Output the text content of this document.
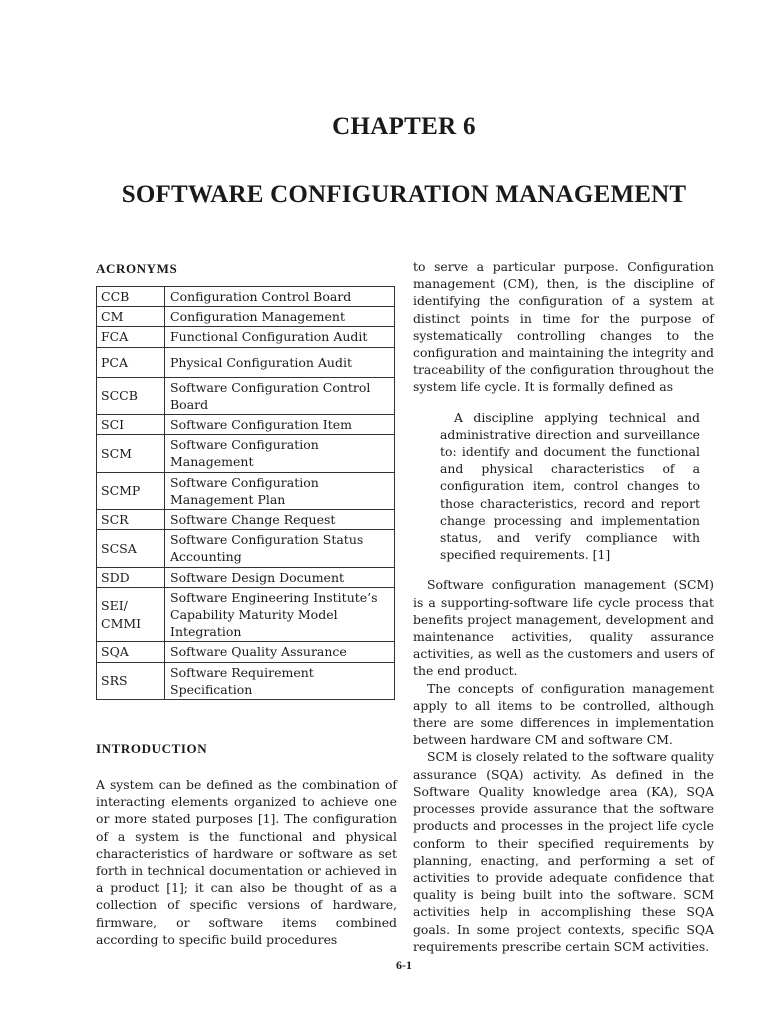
CHAPTER 6
SOFTWARE CONFIGURATION MANAGEMENT
ACRONYMS
CCB	Configuration Control Board
CM	Configuration Management
FCA	Functional Configuration Audit
PCA	Physical Configuration Audit
SCCB	Software Configuration Control Board
SCI	Software Configuration Item
SCM	Software Configuration Management
SCMP	Software Configuration Management Plan
SCR	Software Change Request
SCSA	Software Configuration Status Accounting
SDD	Software Design Document
SEI/ CMMI	Software Engineering Institute’s Capability Maturity Model Integration
SQA	Software Quality Assurance
SRS	Software Requirement Specification
INTRODUCTION

A system can be defined as the combination of interacting elements organized to achieve one or more stated purposes [1]. The configuration of a system is the functional and physical characteristics of hardware or software as set forth in technical documentation or achieved in a product [1]; it can also be thought of as a collection of specific versions of hardware, firmware, or software items combined according to specific build procedures

to serve a particular purpose. Configuration management (CM), then, is the discipline of identifying the configuration of a system at distinct points in time for the purpose of systematically controlling changes to the configuration and maintaining the integrity and traceability of the configuration throughout the system life cycle. It is formally defined as

A discipline applying technical and administrative direction and surveillance to: identify and document the functional and physical characteristics of a configuration item, control changes to those characteristics, record and report change processing and implementation status, and verify compliance with specified requirements. [1]

Software configuration management (SCM) is a supporting-software life cycle process that benefits project management, development and maintenance activities, quality assurance activities, as well as the customers and users of the end product.

The concepts of configuration management apply to all items to be controlled, although there are some differences in implementation between hardware CM and software CM.

SCM is closely related to the software quality assurance (SQA) activity. As defined in the Software Quality knowledge area (KA), SQA processes provide assurance that the software products and processes in the project life cycle conform to their specified requirements by planning, enacting, and performing a set of activities to provide adequate confidence that quality is being built into the software. SCM activities help in accomplishing these SQA goals. In some project contexts, specific SQA requirements prescribe certain SCM activities.

6-1
